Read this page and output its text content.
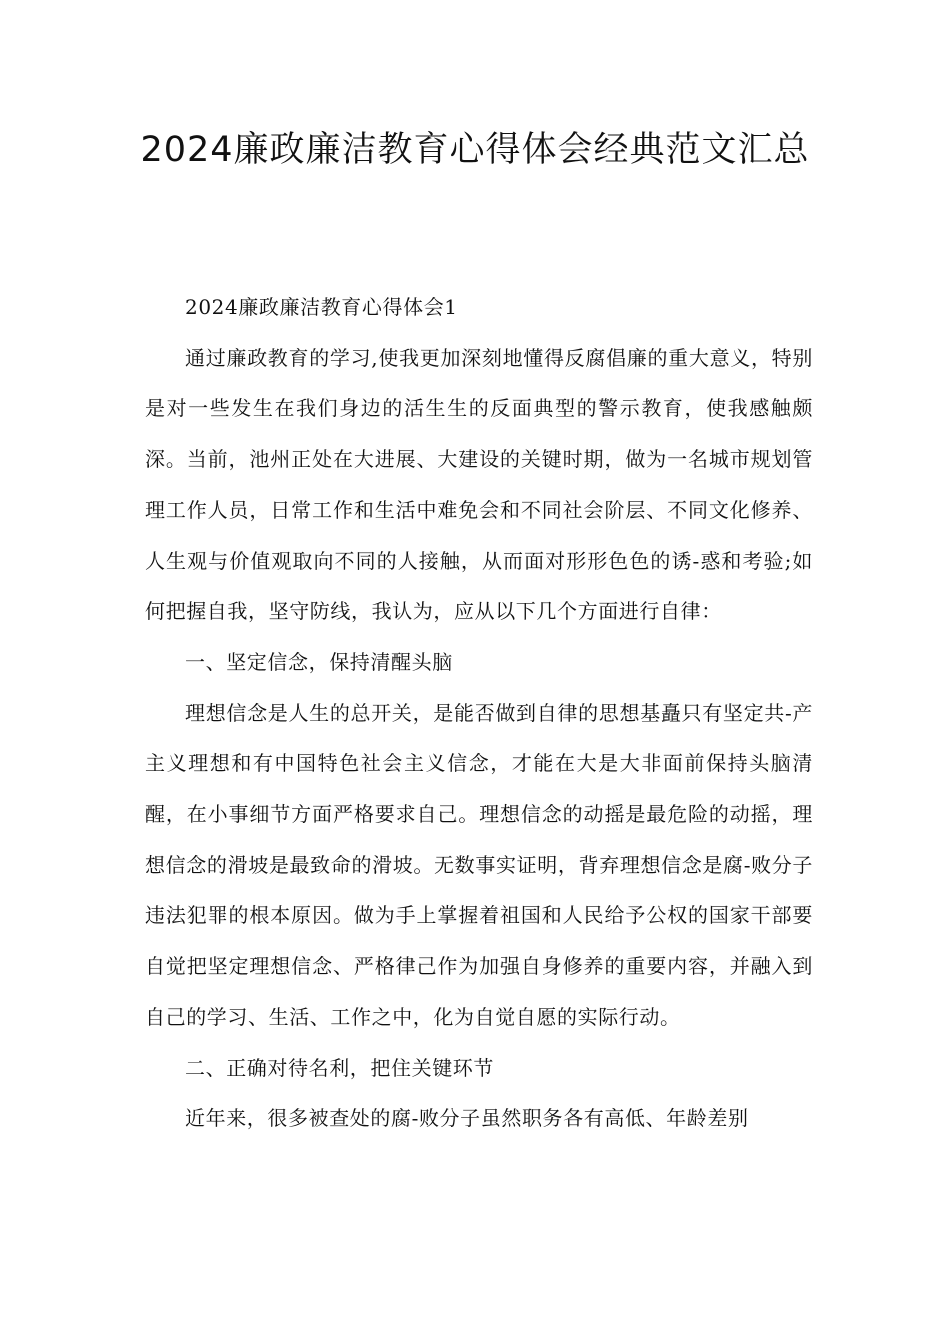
2024廉政廉洁教育心得体会经典范文汇总

2024廉政廉洁教育心得体会1

通过廉政教育的学习,使我更加深刻地懂得反腐倡廉的重大意义，特别是对一些发生在我们身边的活生生的反面典型的警示教育，使我感触颇深。当前，池州正处在大进展、大建设的关键时期，做为一名城市规划管理工作人员，日常工作和生活中难免会和不同社会阶层、不同文化修养、人生观与价值观取向不同的人接触，从而面对形形色色的诱-惑和考验;如何把握自我，坚守防线，我认为，应从以下几个方面进行自律：

一、坚定信念，保持清醒头脑

理想信念是人生的总开关，是能否做到自律的思想基矗只有坚定共-产主义理想和有中国特色社会主义信念，才能在大是大非面前保持头脑清醒，在小事细节方面严格要求自己。理想信念的动摇是最危险的动摇，理想信念的滑坡是最致命的滑坡。无数事实证明，背弃理想信念是腐-败分子违法犯罪的根本原因。做为手上掌握着祖国和人民给予公权的国家干部要自觉把坚定理想信念、严格律己作为加强自身修养的重要内容，并融入到自己的学习、生活、工作之中，化为自觉自愿的实际行动。

二、正确对待名利，把住关键环节

近年来，很多被查处的腐-败分子虽然职务各有高低、年龄差别
